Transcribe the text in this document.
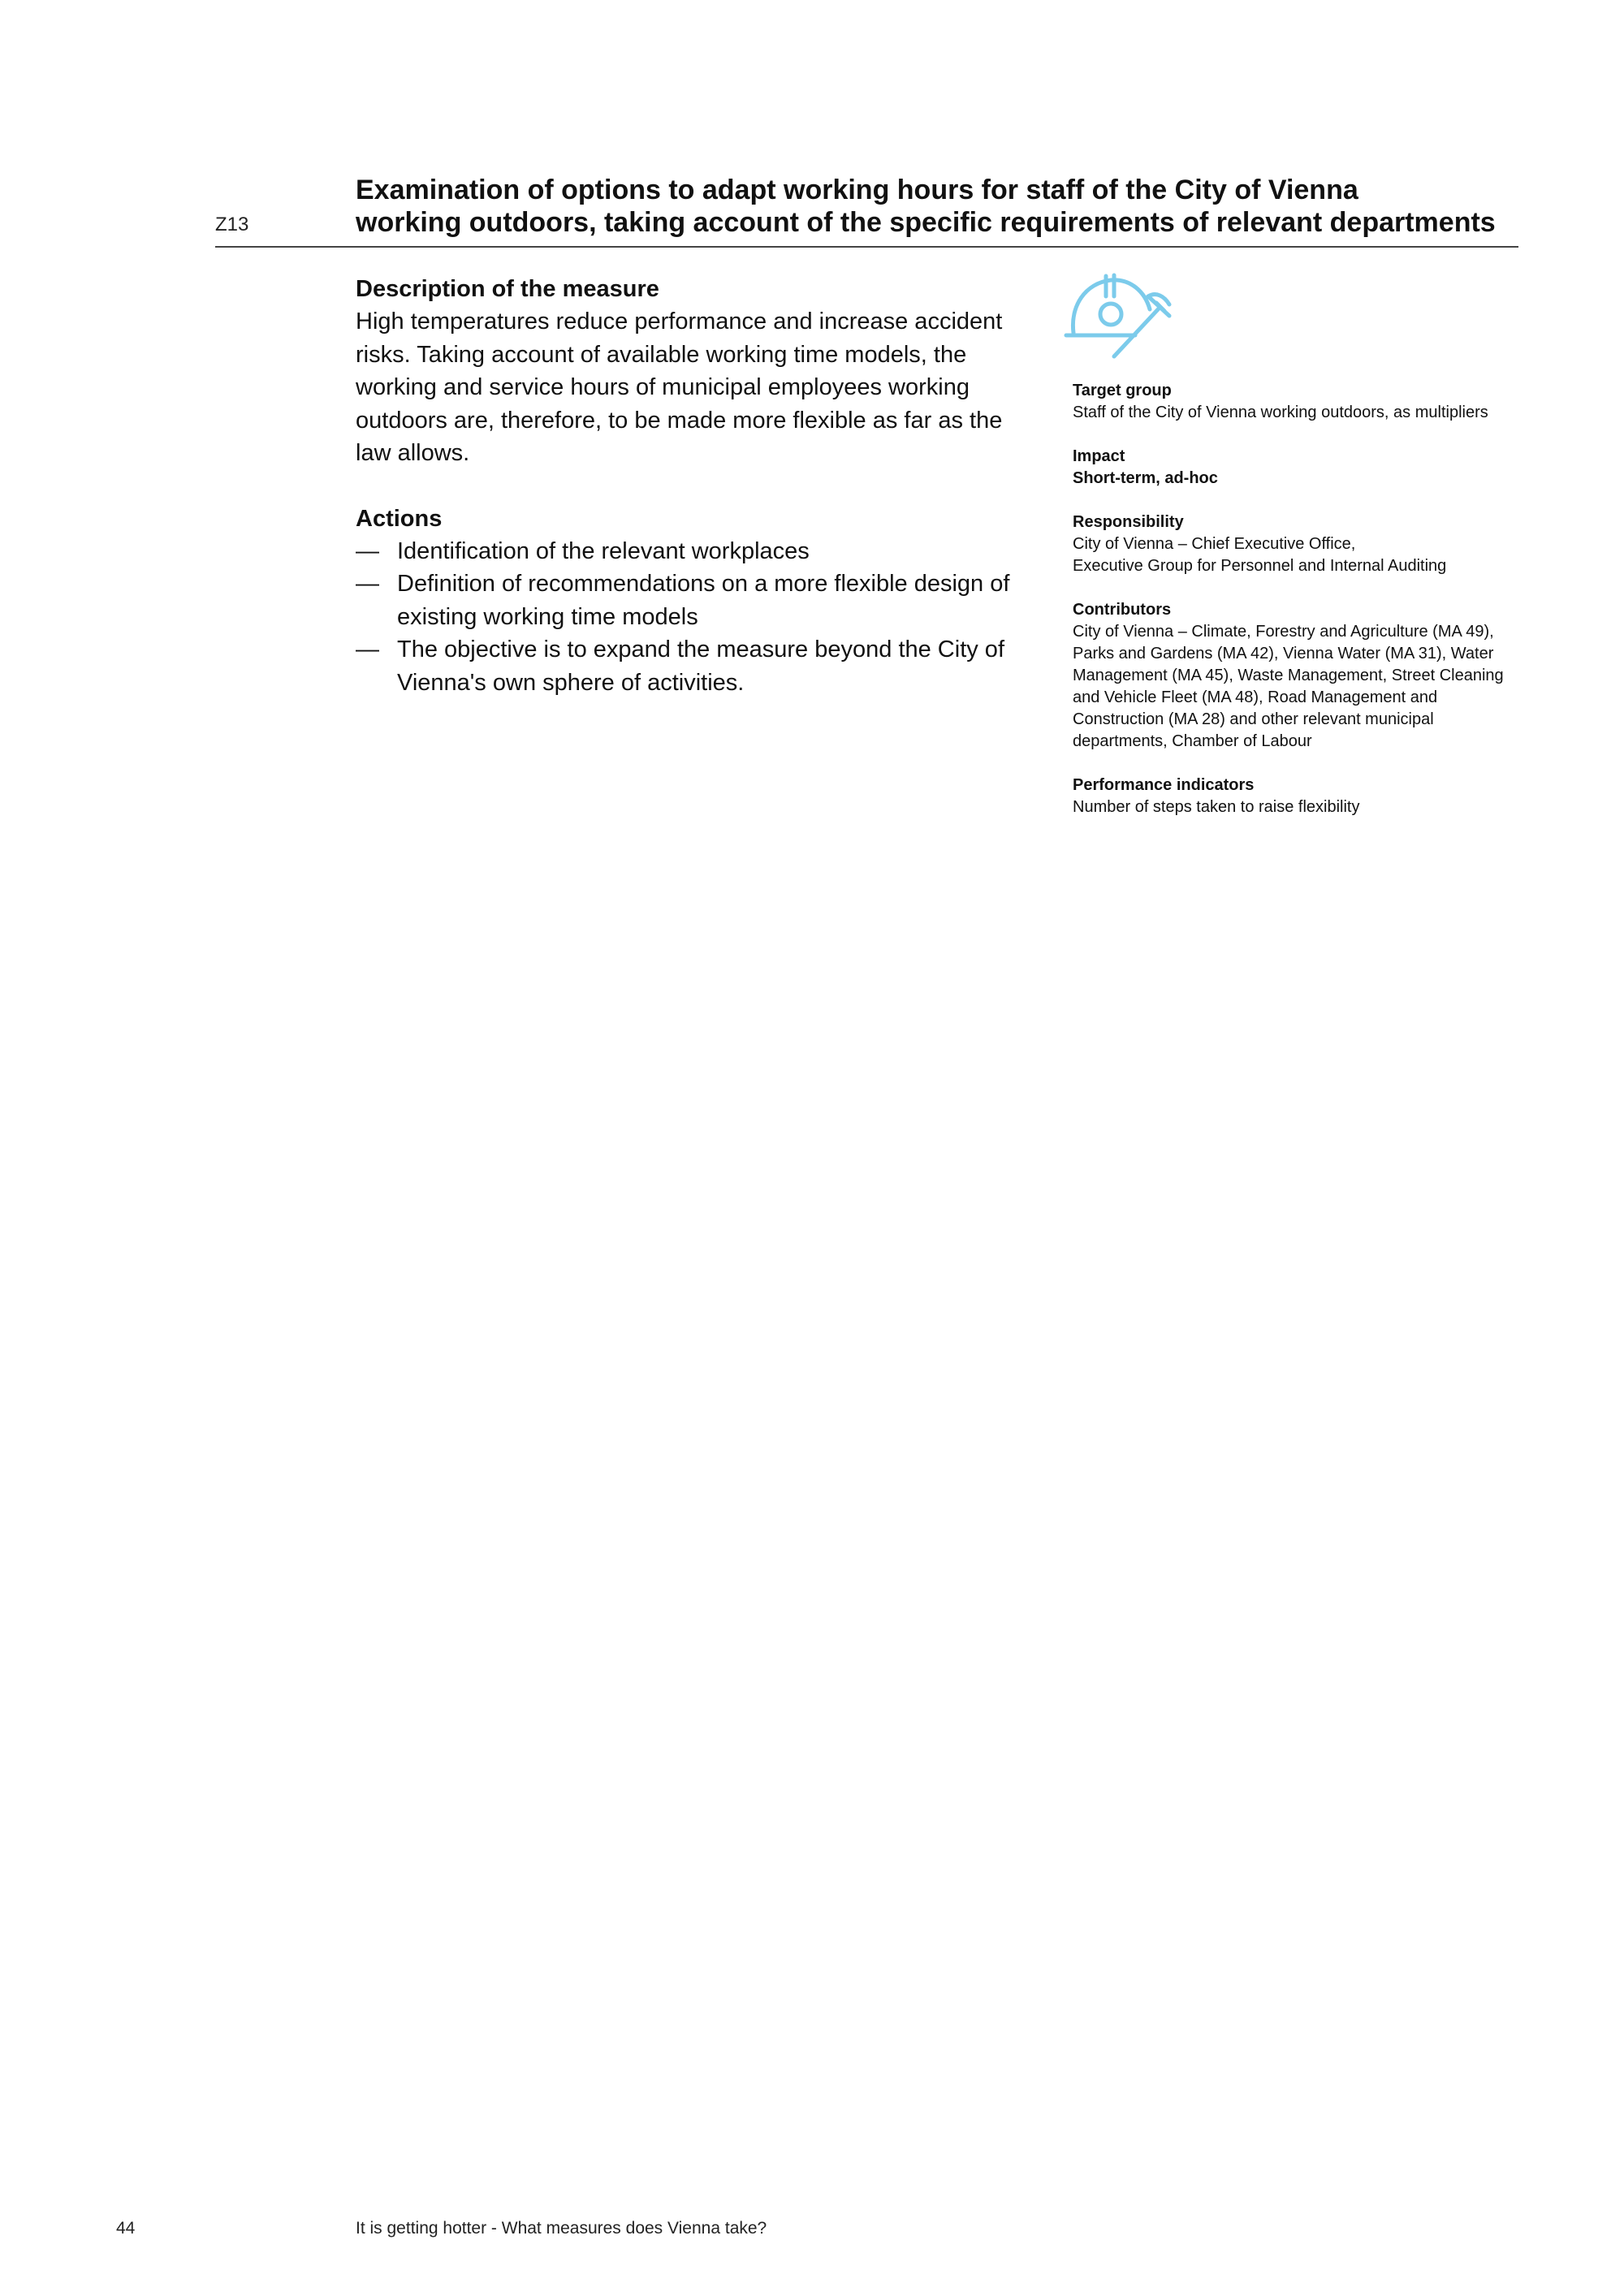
Z13
Examination of options to adapt working hours for staff of the City of Vienna
working outdoors, taking account of the specific requirements of relevant departments
Description of the measure

High temperatures reduce performance and increase accident risks. Taking account of available working time models, the working and service hours of municipal employees working outdoors are, therefore, to be made more flexible as far as the law allows.

Actions
— Identification of the relevant workplaces
— Definition of recommendations on a more flexible design of existing working time models
— The objective is to expand the measure beyond the City of Vienna's own sphere of activities.
Target group

Staff of the City of Vienna working outdoors, as multipliers

Impact

Short-term, ad-hoc

Responsibility

City of Vienna – Chief Executive Office,

Executive Group for Personnel and Internal Auditing

Contributors

City of Vienna – Climate, Forestry and Agriculture (MA 49), Parks and Gardens (MA 42), Vienna Water (MA 31), Water Management (MA 45), Waste Management, Street Cleaning and Vehicle Fleet (MA 48), Road Management and Construction (MA 28) and other relevant municipal departments, Chamber of Labour

Performance indicators

Number of steps taken to raise flexibility

44	It is getting hotter - What measures does Vienna take?
